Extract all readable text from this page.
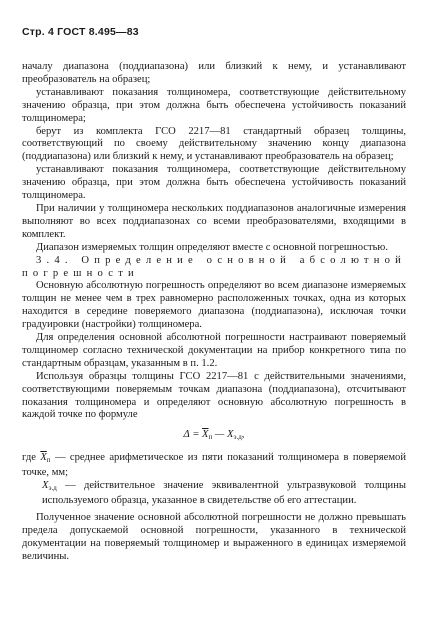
Стр. 4 ГОСТ 8.495—83

началу диапазона (поддиапазона) или близкий к нему, и устанавливают преобразователь на образец;

устанавливают показания толщиномера, соответствующие действительному значению образца, при этом должна быть обеспечена устойчивость показаний толщиномера;

берут из комплекта ГСО 2217—81 стандартный образец толщины, соответствующий по своему действительному значению концу диапазона (поддиапазона) или близкий к нему, и устанавливают преобразователь на образец;

устанавливают показания толщиномера, соответствующие действительному значению образца, при этом должна быть обеспечена устойчивость показаний толщиномера.

При наличии у толщиномера нескольких поддиапазонов аналогичные измерения выполняют во всех поддиапазонах со всеми преобразователями, входящими в комплект.

Диапазон измеряемых толщин определяют вместе с основной погрешностью.

3.4. Определение основной абсолютной погрешности

Основную абсолютную погрешность определяют во всем диапазоне измеряемых толщин не менее чем в трех равномерно расположенных точках, одна из которых находится в середине поверяемого диапазона (поддиапазона), исключая точки градуировки (настройки) толщиномера.

Для определения основной абсолютной погрешности настраивают поверяемый толщиномер согласно технической документации на прибор конкретного типа по стандартным образцам, указанным в п. 1.2.

Используя образцы толщины ГСО 2217—81 с действительными значениями, соответствующими поверяемым точкам диапазона (поддиапазона), отсчитывают показания толщиномера и определяют основную абсолютную погрешность в каждой точке по формуле

$\Delta = \overline{X}_п$ — $X_{э.д}$,

где $\overline{X}_п$ — среднее арифметическое из пяти показаний толщиномера в поверяемой точке, мм;

Xэ.д — действительное значение эквивалентной ультразвуковой толщины используемого образца, указанное в свидетельстве об его аттестации.

Полученное значение основной абсолютной погрешности не должно превышать предела допускаемой основной погрешности, указанного в технической документации на поверяемый толщиномер и выраженного в единицах измеряемой величины.
